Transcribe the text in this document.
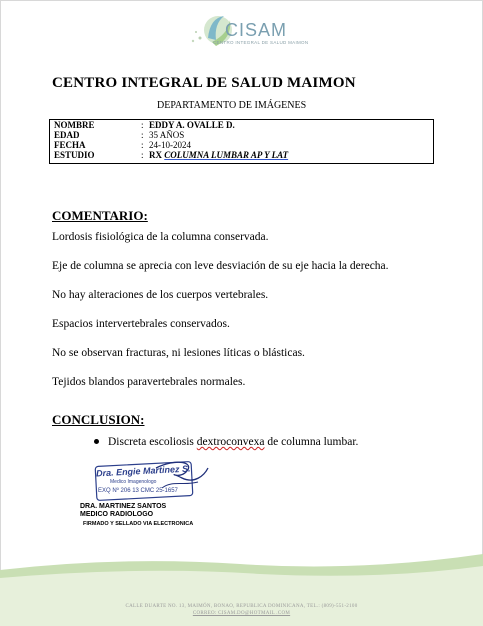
CISAM
CENTRO INTEGRAL DE SALUD MAIMON
CENTRO INTEGRAL DE SALUD MAIMON
DEPARTAMENTO DE IMÁGENES
NOMBRE	: EDDY A. OVALLE D.
EDAD	: 35 AÑOS
FECHA	: 24-10-2024
ESTUDIO	: RX COLUMNA LUMBAR AP Y LAT
COMENTARIO:
Lordosis fisiológica de la columna conservada.
Eje de columna se aprecia con leve desviación de su eje hacia la derecha.
No hay alteraciones de los cuerpos vertebrales.
Espacios intervertebrales conservados.
No se observan fracturas, ni lesiones líticas o blásticas.
Tejidos blandos paravertebrales normales.
CONCLUSION:
Discreta escoliosis dextroconvexa de columna lumbar.
Dra. Engie Martinez S.
Medico Imagenologo
EXQ Nº 206 13 CMC 25-1657
DRA. MARTINEZ SANTOS
MEDICO RADIOLOGO
FIRMADO Y SELLADO VIA ELECTRONICA
CALLE DUARTE NO. 13, MAIMÓN, BONAO, REPUBLICA DOMINICANA, TEL.: (809)-551-2100
CORREO: CISAM.DO@HOTMAIL .COM
